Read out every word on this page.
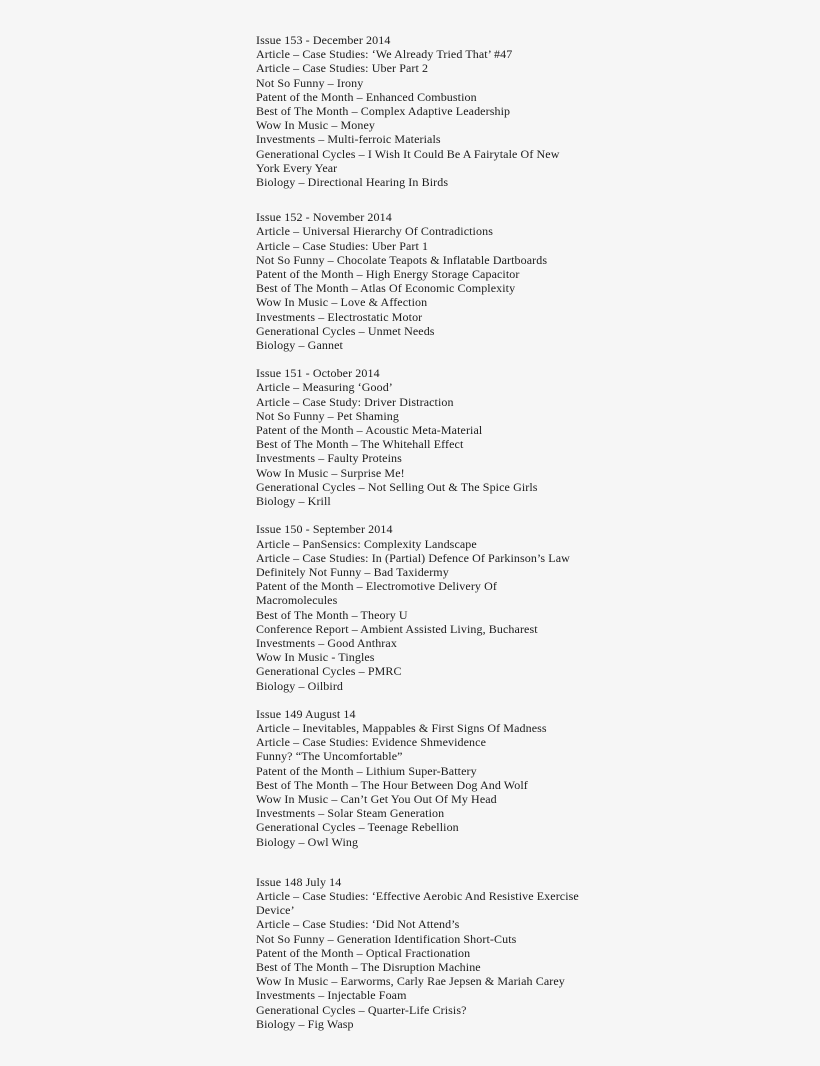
Issue 153 - December 2014
Article – Case Studies: ‘We Already Tried That’ #47
Article – Case Studies: Uber Part 2
Not So Funny – Irony
Patent of the Month – Enhanced Combustion
Best of The Month – Complex Adaptive Leadership
Wow In Music – Money
Investments – Multi-ferroic Materials
Generational Cycles – I Wish It Could Be A Fairytale Of New
York Every Year
Biology – Directional Hearing In Birds
Issue 152 - November 2014
Article – Universal Hierarchy Of Contradictions
Article – Case Studies: Uber Part 1
Not So Funny – Chocolate Teapots & Inflatable Dartboards
Patent of the Month – High Energy Storage Capacitor
Best of The Month – Atlas Of Economic Complexity
Wow In Music – Love & Affection
Investments – Electrostatic Motor
Generational Cycles – Unmet Needs
Biology – Gannet
Issue 151 - October 2014
Article – Measuring ‘Good’
Article – Case Study: Driver Distraction
Not So Funny – Pet Shaming
Patent of the Month – Acoustic Meta-Material
Best of The Month – The Whitehall Effect
Investments – Faulty Proteins
Wow In Music – Surprise Me!
Generational Cycles – Not Selling Out & The Spice Girls
Biology – Krill
Issue 150 - September 2014
Article – PanSensics: Complexity Landscape
Article – Case Studies: In (Partial) Defence Of Parkinson’s Law
Definitely Not Funny – Bad Taxidermy
Patent of the Month – Electromotive Delivery Of
Macromolecules
Best of The Month – Theory U
Conference Report – Ambient Assisted Living, Bucharest
Investments – Good Anthrax
Wow In Music - Tingles
Generational Cycles – PMRC
Biology – Oilbird
Issue 149 August 14
Article – Inevitables, Mappables & First Signs Of Madness
Article – Case Studies: Evidence Shmevidence
Funny? “The Uncomfortable”
Patent of the Month – Lithium Super-Battery
Best of The Month – The Hour Between Dog And Wolf
Wow In Music – Can’t Get You Out Of My Head
Investments – Solar Steam Generation
Generational Cycles – Teenage Rebellion
Biology – Owl Wing
Issue 148 July 14
Article – Case Studies: ‘Effective Aerobic And Resistive Exercise
Device’
Article – Case Studies: ‘Did Not Attend’s
Not So Funny – Generation Identification Short-Cuts
Patent of the Month – Optical Fractionation
Best of The Month – The Disruption Machine
Wow In Music – Earworms, Carly Rae Jepsen & Mariah Carey
Investments – Injectable Foam
Generational Cycles – Quarter-Life Crisis?
Biology – Fig Wasp
